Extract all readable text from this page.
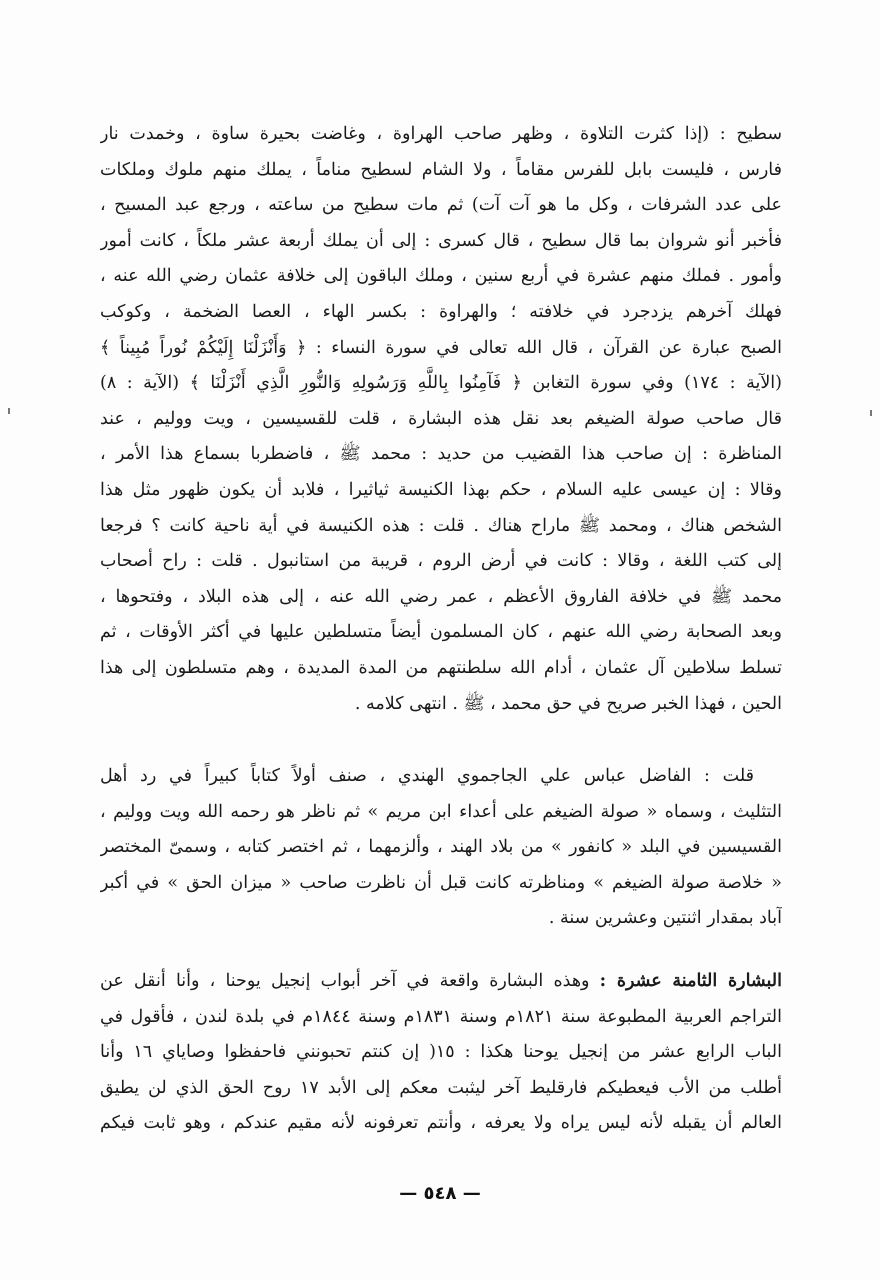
سطيح : (إذا كثرت التلاوة ، وظهر صاحب الهراوة ، وغاضت بحيرة ساوة ، وخمدت نار
فارس ، فليست بابل للفرس مقاماً ، ولا الشام لسطيح مناماً ، يملك منهم ملوك وملكات
على عدد الشرفات ، وكل ما هو آت آت) ثم مات سطيح من ساعته ، ورجع عبد المسيح ،
فأخبر أنو شروان بما قال سطيح ، قال كسرى : إلى أن يملك أربعة عشر ملكاً ، كانت أمور
وأمور . فملك منهم عشرة في أربع سنين ، وملك الباقون إلى خلافة عثمان رضي الله عنه ،
فهلك آخرهم يزدجرد في خلافته ؛ والهراوة : بكسر الهاء ، العصا الضخمة ، وكوكب
الصبح عبارة عن القرآن ، قال الله تعالى في سورة النساء : ﴿ وَأَنْزَلْنَا إِلَيْكُمْ نُوراً مُبِيناً ﴾
(الآية : ١٧٤) وفي سورة التغابن ﴿ فَآمِنُوا بِاللَّهِ وَرَسُولِهِ وَالنُّورِ الَّذِي أَنْزَلْنَا ﴾ (الآية : ٨)
قال صاحب صولة الضيغم بعد نقل هذه البشارة ، قلت للقسيسين ، ويت ووليم ، عند
المناظرة : إن صاحب هذا القضيب من حديد : محمد ﷺ ، فاضطربا بسماع هذا الأمر ،
وقالا : إن عيسى عليه السلام ، حكم بهذا الكنيسة ثياثيرا ، فلابد أن يكون ظهور مثل هذا
الشخص هناك ، ومحمد ﷺ ماراح هناك . قلت : هذه الكنيسة في أية ناحية كانت ؟ فرجعا
إلى كتب اللغة ، وقالا : كانت في أرض الروم ، قريبة من استانبول . قلت : راح أصحاب
محمد ﷺ في خلافة الفاروق الأعظم ، عمر رضي الله عنه ، إلى هذه البلاد ، وفتحوها ،
وبعد الصحابة رضي الله عنهم ، كان المسلمون أيضاً متسلطين عليها في أكثر الأوقات ، ثم
تسلط سلاطين آل عثمان ، أدام الله سلطنتهم من المدة المديدة ، وهم متسلطون إلى هذا
الحين ، فهذا الخبر صريح في حق محمد ، ﷺ . انتهى كلامه .
قلت : الفاضل عباس علي الجاجموي الهندي ، صنف أولاً كتاباً كبيراً في رد أهل
التثليث ، وسماه « صولة الضيغم على أعداء ابن مريم » ثم ناظر هو رحمه الله ويت ووليم ،
القسيسين في البلد « كانفور » من بلاد الهند ، وألزمهما ، ثم اختصر كتابه ، وسمىّ المختصر
« خلاصة صولة الضيغم » ومناظرته كانت قبل أن ناظرت صاحب « ميزان الحق » في أكبر
آباد بمقدار اثنتين وعشرين سنة .
البشارة الثامنة عشرة : وهذه البشارة واقعة في آخر أبواب إنجيل يوحنا ، وأنا أنقل عن
التراجم العربية المطبوعة سنة ١٨٢١م وسنة ١٨٣١م وسنة ١٨٤٤م في بلدة لندن ، فأقول في
الباب الرابع عشر من إنجيل يوحنا هكذا : ١٥( إن كنتم تحبونني فاحفظوا وصاياي ١٦ وأنا
أطلب من الأب فيعطيكم فارقليط آخر ليثبت معكم إلى الأبد ١٧ روح الحق الذي لن يطيق
العالم أن يقبله لأنه ليس يراه ولا يعرفه ، وأنتم تعرفونه لأنه مقيم عندكم ، وهو ثابت فيكم
— ٥٤٨ —
